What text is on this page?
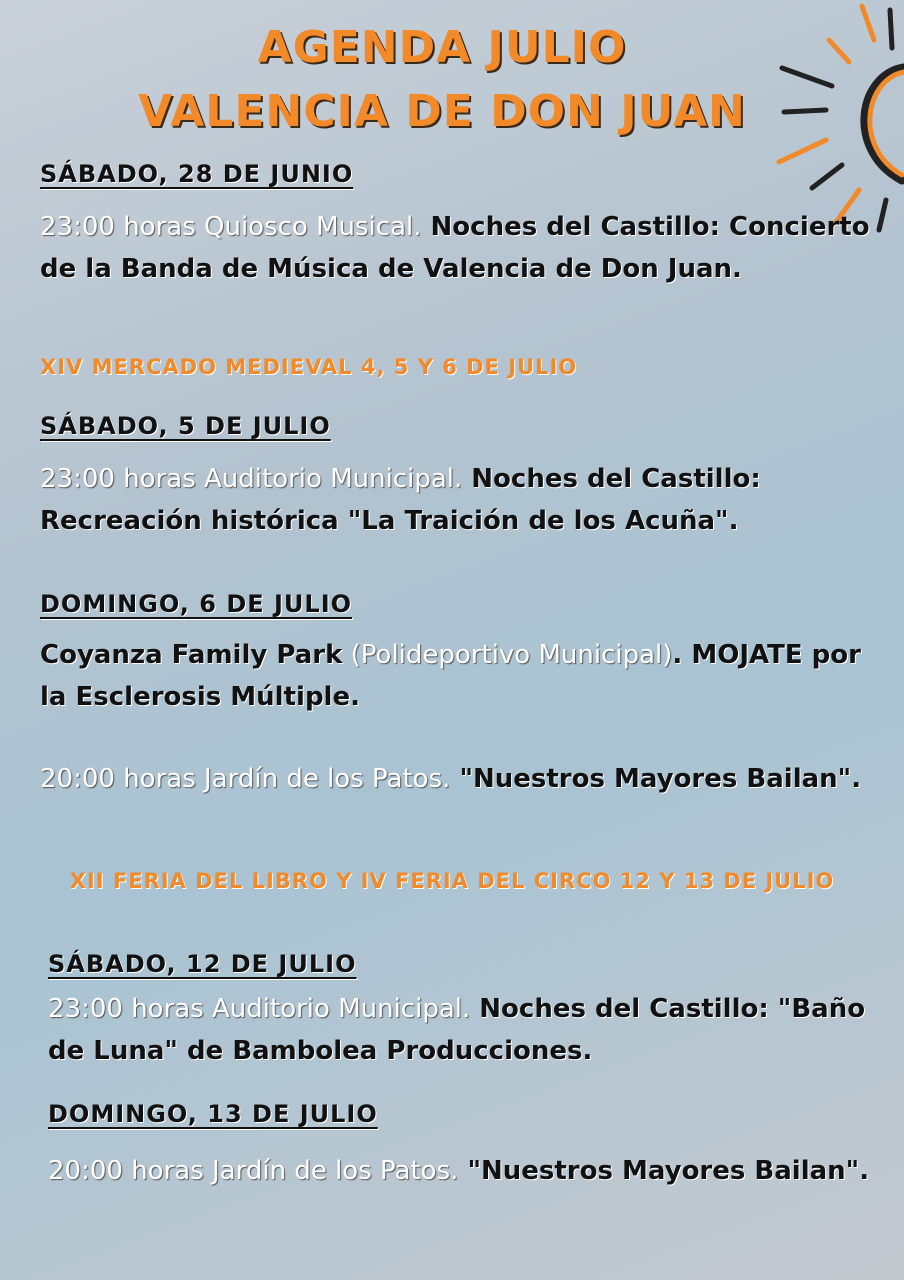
AGENDA JULIO
VALENCIA DE DON JUAN
SÁBADO, 28 DE JUNIO
23:00 horas Quiosco Musical. Noches del Castillo: Concierto de la Banda de Música de Valencia de Don Juan.
XIV MERCADO MEDIEVAL 4, 5 Y 6 DE JULIO
SÁBADO, 5 DE JULIO
23:00 horas Auditorio Municipal. Noches del Castillo: Recreación histórica "La Traición de los Acuña".
DOMINGO, 6 DE JULIO
Coyanza Family Park (Polideportivo Municipal). MOJATE por la Esclerosis Múltiple.
20:00 horas Jardín de los Patos. "Nuestros Mayores Bailan".
XII FERIA DEL LIBRO Y IV FERIA DEL CIRCO 12 Y 13 DE JULIO
SÁBADO, 12 DE JULIO
23:00 horas Auditorio Municipal. Noches del Castillo: "Baño de Luna" de Bambolea Producciones.
DOMINGO, 13 DE JULIO
20:00 horas Jardín de los Patos. "Nuestros Mayores Bailan".
